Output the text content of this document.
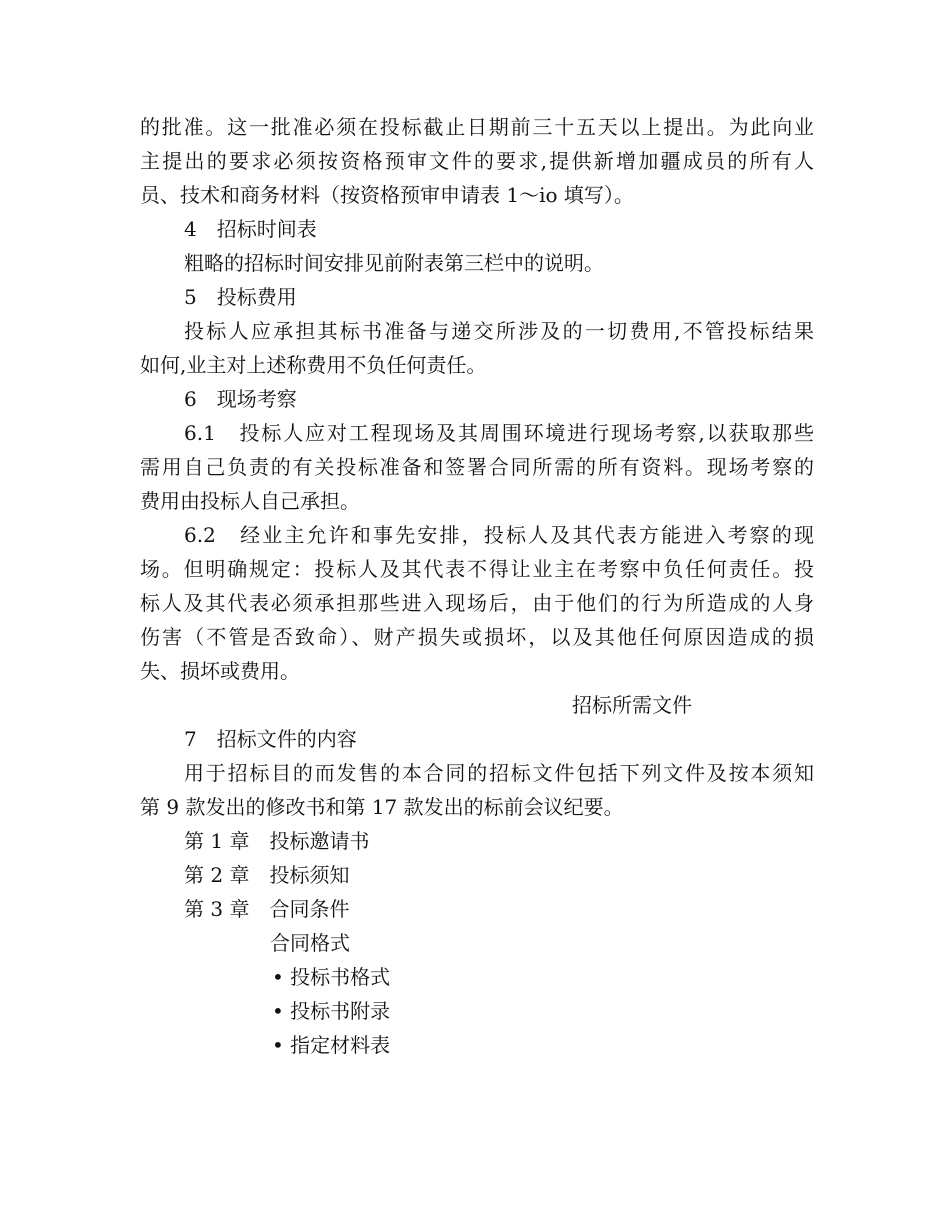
的批准。这一批准必须在投标截止日期前三十五天以上提出。为此向业
主提出的要求必须按资格预审文件的要求,提供新增加疆成员的所有人
员、技术和商务材料（按资格预审申请表 1～io 填写）。
4　招标时间表
粗略的招标时间安排见前附表第三栏中的说明。
5　投标费用
投标人应承担其标书准备与递交所涉及的一切费用,不管投标结果
如何,业主对上述称费用不负任何责任。
6　现场考察
6.1　投标人应对工程现场及其周围环境进行现场考察,以获取那些
需用自己负责的有关投标准备和签署合同所需的所有资料。现场考察的
费用由投标人自己承担。
6.2　经业主允许和事先安排，投标人及其代表方能进入考察的现
场。但明确规定：投标人及其代表不得让业主在考察中负任何责任。投
标人及其代表必须承担那些进入现场后，由于他们的行为所造成的人身
伤害（不管是否致命）、财产损失或损坏，以及其他任何原因造成的损
失、损坏或费用。
招标所需文件
7　招标文件的内容
用于招标目的而发售的本合同的招标文件包括下列文件及按本须知
第 9 款发出的修改书和第 17 款发出的标前会议纪要。
第 1 章　投标邀请书
第 2 章　投标须知
第 3 章　合同条件
合同格式
• 投标书格式
• 投标书附录
• 指定材料表
